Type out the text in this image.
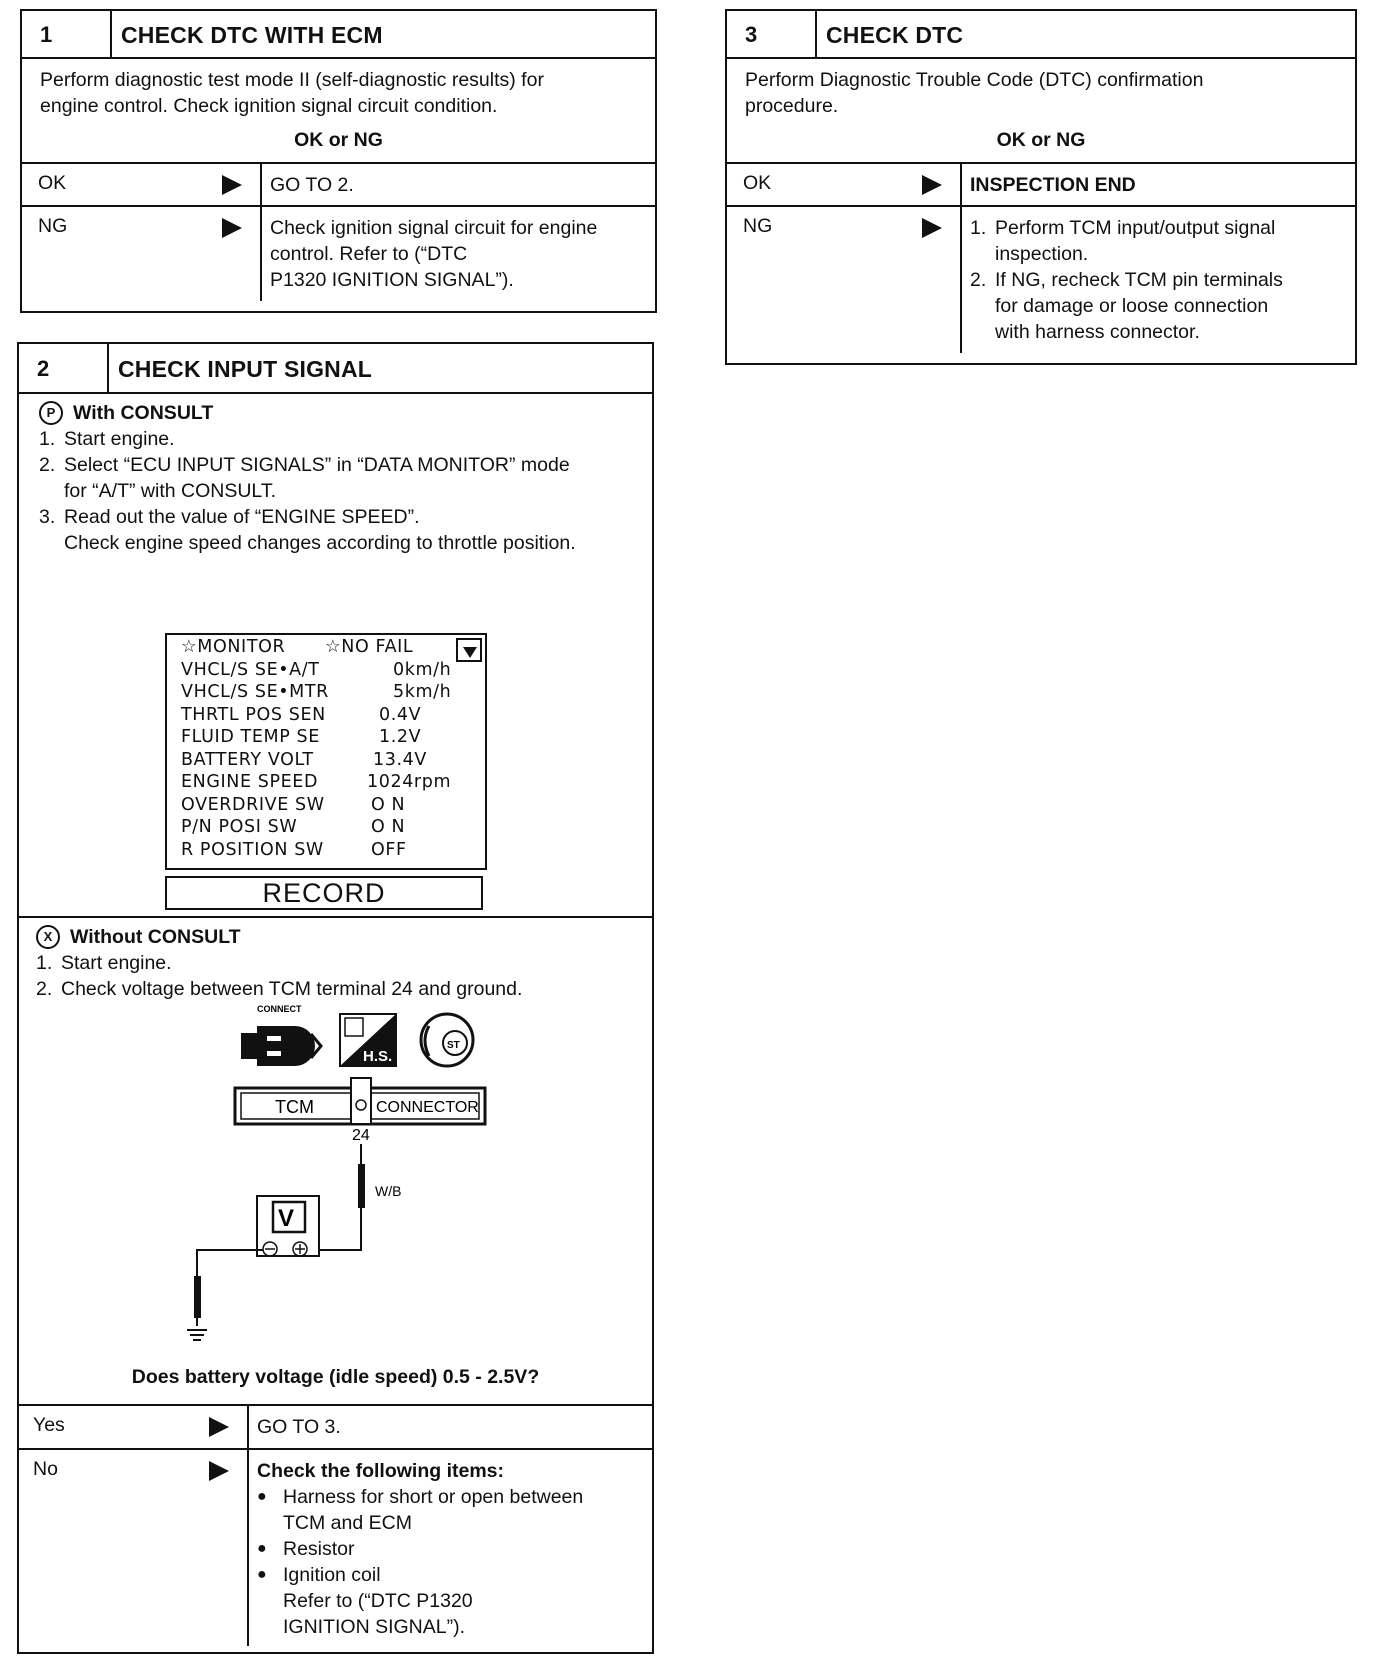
1	CHECK DTC WITH ECM
Perform diagnostic test mode II (self-diagnostic results) for
engine control. Check ignition signal circuit condition.
OK or NG
OK	GO TO 2.
NG	Check ignition signal circuit for engine
control. Refer to (“DTC
P1320 IGNITION SIGNAL”).
3	CHECK DTC
Perform Diagnostic Trouble Code (DTC) confirmation
procedure.
OK or NG
OK	INSPECTION END
NG	1. Perform TCM input/output signal
inspection.
2. If NG, recheck TCM pin terminals
for damage or loose connection
with harness connector.
2	CHECK INPUT SIGNAL
P With CONSULT
1. Start engine.
2. Select “ECU INPUT SIGNALS” in “DATA MONITOR” mode
for “A/T” with CONSULT.
3. Read out the value of “ENGINE SPEED”.
Check engine speed changes according to throttle position.
☆MONITOR	☆NO FAIL
VHCL/S SE•A/T	0km/h
VHCL/S SE•MTR	5km/h
THRTL POS SEN	0.4V
FLUID TEMP SE	1.2V
BATTERY VOLT	13.4V
ENGINE SPEED	1024rpm
OVERDRIVE SW	O N
P/N POSI SW	O N
R POSITION SW	OFF
RECORD
X Without CONSULT
1. Start engine.
2. Check voltage between TCM terminal 24 and ground.
CONNECT
H.S.
ST
TCM	CONNECTOR
24
W/B
V
Does battery voltage (idle speed) 0.5 - 2.5V?
Yes	GO TO 3.
No	Check the following items:
● Harness for short or open between
TCM and ECM
● Resistor
● Ignition coil
Refer to (“DTC P1320
IGNITION SIGNAL”).
